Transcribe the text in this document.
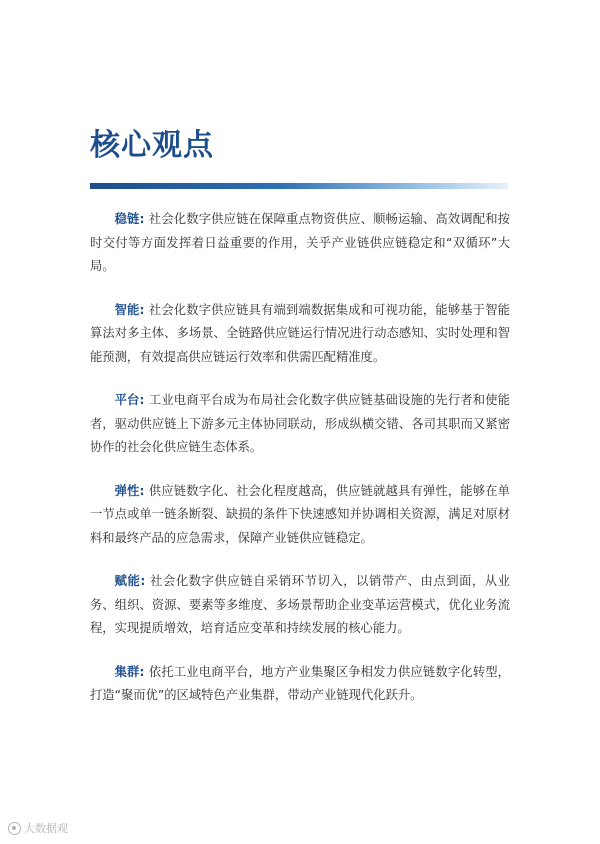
核心观点

稳链 : 社会化数字供应链在保障重点物资供应、顺畅运输、高效调配和按时交付等方面发挥着日益重要的作用，关乎产业链供应链稳定和“双循环”大局。

智能 : 社会化数字供应链具有端到端数据集成和可视功能，能够基于智能算法对多主体、多场景、全链路供应链运行情况进行动态感知、实时处理和智能预测，有效提高供应链运行效率和供需匹配精准度。

平台 : 工业电商平台成为布局社会化数字供应链基础设施的先行者和使能者，驱动供应链上下游多元主体协同联动，形成纵横交错、各司其职而又紧密协作的社会化供应链生态体系。

弹性 : 供应链数字化、社会化程度越高，供应链就越具有弹性，能够在单一节点或单一链条断裂、缺损的条件下快速感知并协调相关资源，满足对原材料和最终产品的应急需求，保障产业链供应链稳定。

赋能 : 社会化数字供应链自采销环节切入，以销带产、由点到面，从业务、组织、资源、要素等多维度、多场景帮助企业变革运营模式，优化业务流程，实现提质增效，培育适应变革和持续发展的核心能力。

集群 : 依托工业电商平台，地方产业集聚区争相发力供应链数字化转型，打造“聚而优”的区域特色产业集群，带动产业链现代化跃升。

大数据观
